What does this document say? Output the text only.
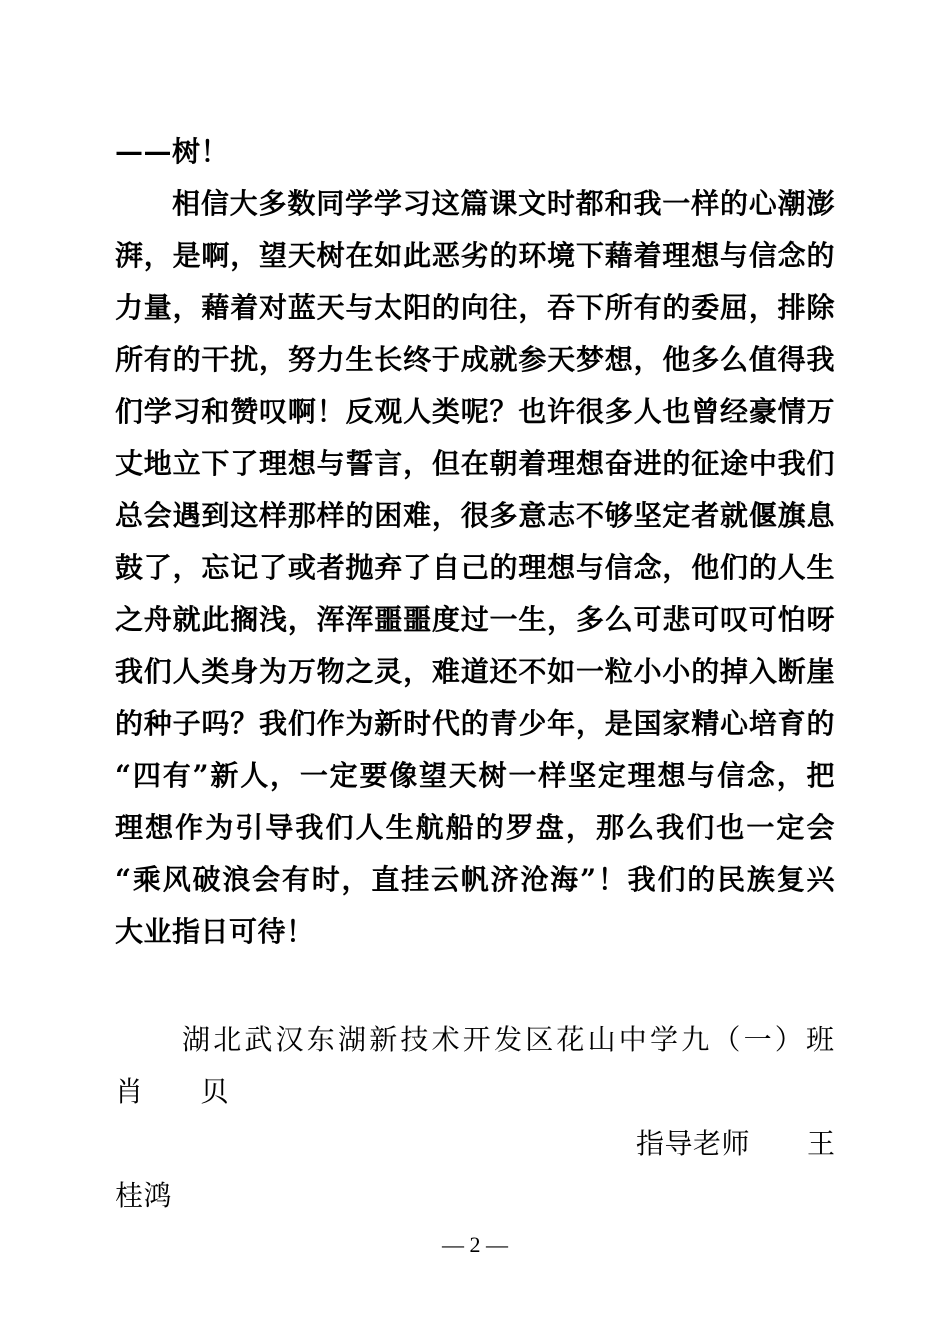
——树！
相信大多数同学学习这篇课文时都和我一样的心潮澎
湃，是啊，望天树在如此恶劣的环境下藉着理想与信念的
力量，藉着对蓝天与太阳的向往，吞下所有的委屈，排除
所有的干扰，努力生长终于成就参天梦想，他多么值得我
们学习和赞叹啊！反观人类呢？也许很多人也曾经豪情万
丈地立下了理想与誓言，但在朝着理想奋进的征途中我们
总会遇到这样那样的困难，很多意志不够坚定者就偃旗息
鼓了，忘记了或者抛弃了自己的理想与信念，他们的人生
之舟就此搁浅，浑浑噩噩度过一生，多么可悲可叹可怕呀
我们人类身为万物之灵，难道还不如一粒小小的掉入断崖
的种子吗？我们作为新时代的青少年，是国家精心培育的
“四有”新人，一定要像望天树一样坚定理想与信念，把
理想作为引导我们人生航船的罗盘，那么我们也一定会
“乘风破浪会有时，直挂云帆济沧海”！我们的民族复兴
大业指日可待！
湖北武汉东湖新技术开发区花山中学九（一）班
肖　　贝
指导老师　　王
桂鸿
— 2 —
